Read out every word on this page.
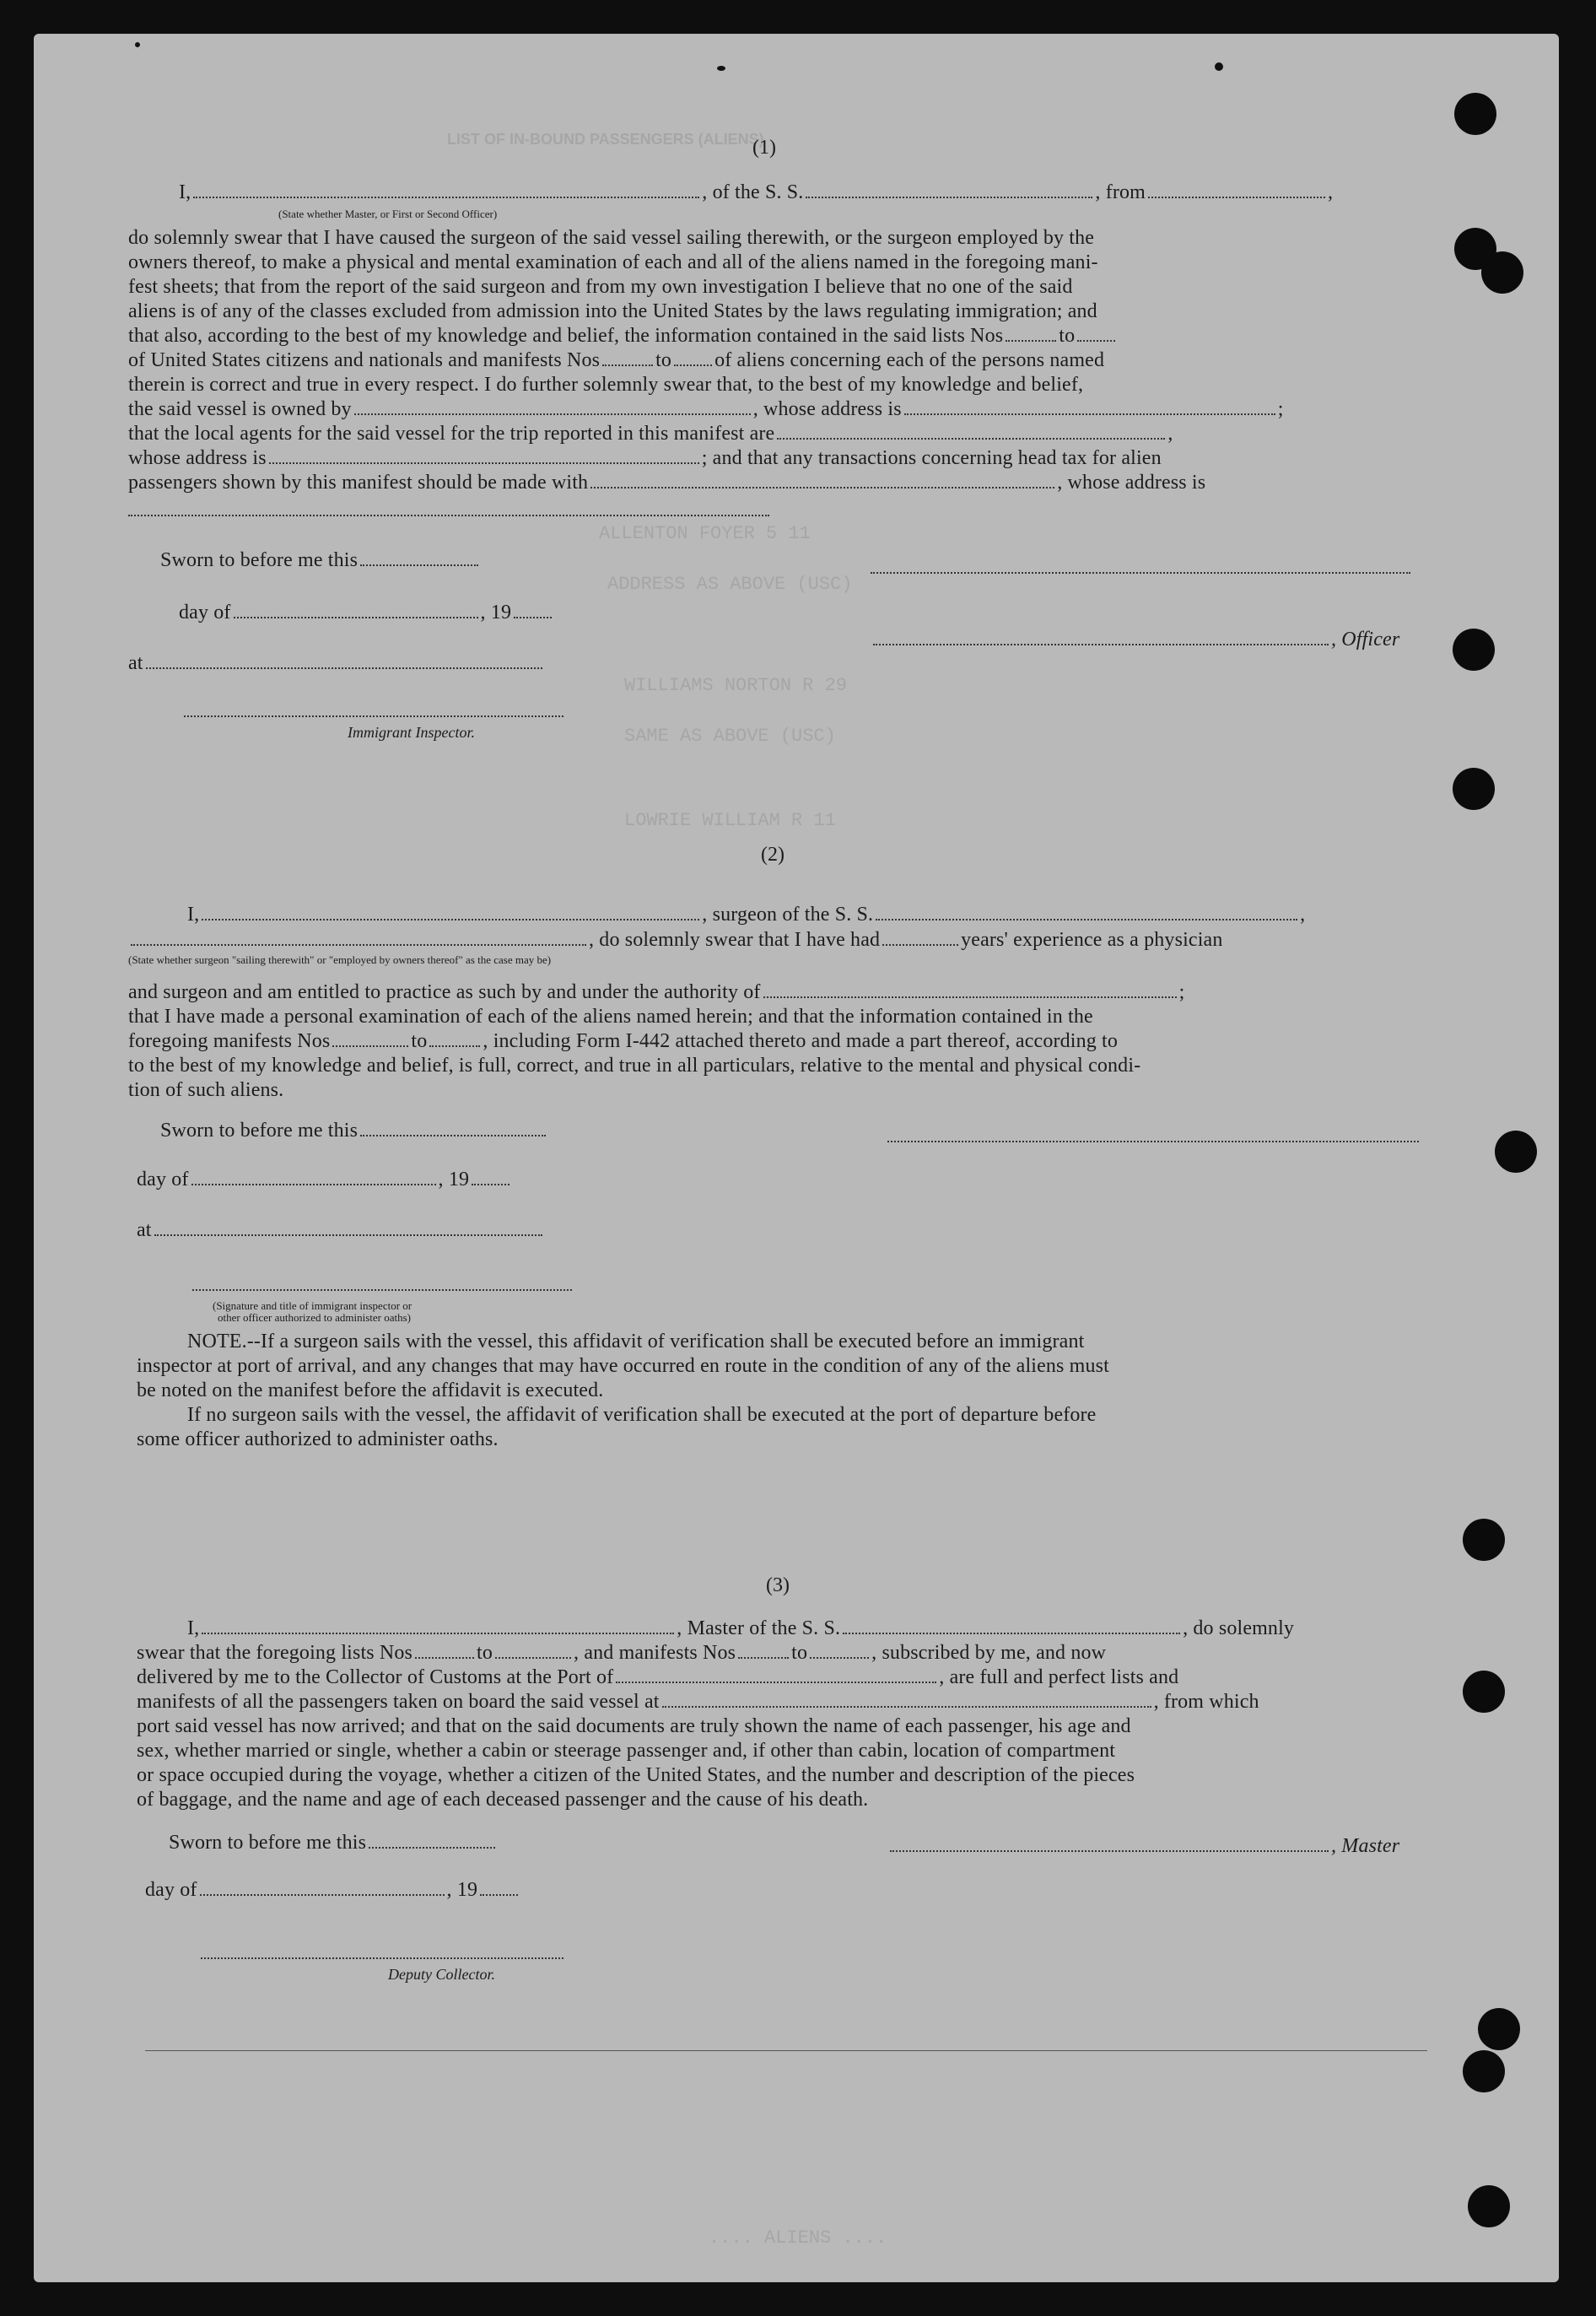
LIST OF IN-BOUND PASSENGERS (ALIENS)
ALLENTON FOYER 5 11
ADDRESS AS ABOVE (USC)
WILLIAMS NORTON R 29
SAME AS ABOVE (USC)
LOWRIE WILLIAM R 11
(1)
I,	, of the S. S.	, from	,
(State whether Master, or First or Second Officer)
do solemnly swear that I have caused the surgeon of the said vessel sailing therewith, or the surgeon employed by the
owners thereof, to make a physical and mental examination of each and all of the aliens named in the foregoing mani-
fest sheets; that from the report of the said surgeon and from my own investigation I believe that no one of the said
aliens is of any of the classes excluded from admission into the United States by the laws regulating immigration; and
that also, according to the best of my knowledge and belief, the information contained in the said lists Nos	to
of United States citizens and nationals and manifests Nos	to of aliens concerning each of the persons named
therein is correct and true in every respect. I do further solemnly swear that, to the best of my knowledge and belief,
the said vessel is owned by	, whose address is	;
that the local agents for the said vessel for the trip reported in this manifest are	,
whose address is	; and that any transactions concerning head tax for alien
passengers shown by this manifest should be made with	, whose address is
Sworn to before me this
day of	, 19
, Officer
at
Immigrant Inspector.
(2)
I,	, surgeon of the S. S.	,
, do solemnly swear that I have had	years' experience as a physician
(State whether surgeon "sailing therewith" or "employed by owners thereof" as the case may be)
and surgeon and am entitled to practice as such by and under the authority of	;
that I have made a personal examination of each of the aliens named herein; and that the information contained in the
foregoing manifests Nos	to	, including Form I-442 attached thereto and made a part thereof, according to
to the best of my knowledge and belief, is full, correct, and true in all particulars, relative to the mental and physical condi-
tion of such aliens.
Sworn to before me this
day of	, 19
at
(Signature and title of immigrant inspector or
other officer authorized to administer oaths)
NOTE.--If a surgeon sails with the vessel, this affidavit of verification shall be executed before an immigrant
inspector at port of arrival, and any changes that may have occurred en route in the condition of any of the aliens must
be noted on the manifest before the affidavit is executed.
If no surgeon sails with the vessel, the affidavit of verification shall be executed at the port of departure before
some officer authorized to administer oaths.
(3)
I,	, Master of the S. S.	, do solemnly
swear that the foregoing lists Nos	to	, and manifests Nos	to	, subscribed by me, and now
delivered by me to the Collector of Customs at the Port of	, are full and perfect lists and
manifests of all the passengers taken on board the said vessel at	, from which
port said vessel has now arrived; and that on the said documents are truly shown the name of each passenger, his age and
sex, whether married or single, whether a cabin or steerage passenger and, if other than cabin, location of compartment
or space occupied during the voyage, whether a citizen of the United States, and the number and description of the pieces
of baggage, and the name and age of each deceased passenger and the cause of his death.
Sworn to before me this	, Master
day of	, 19
Deputy Collector.
.... ALIENS ....
